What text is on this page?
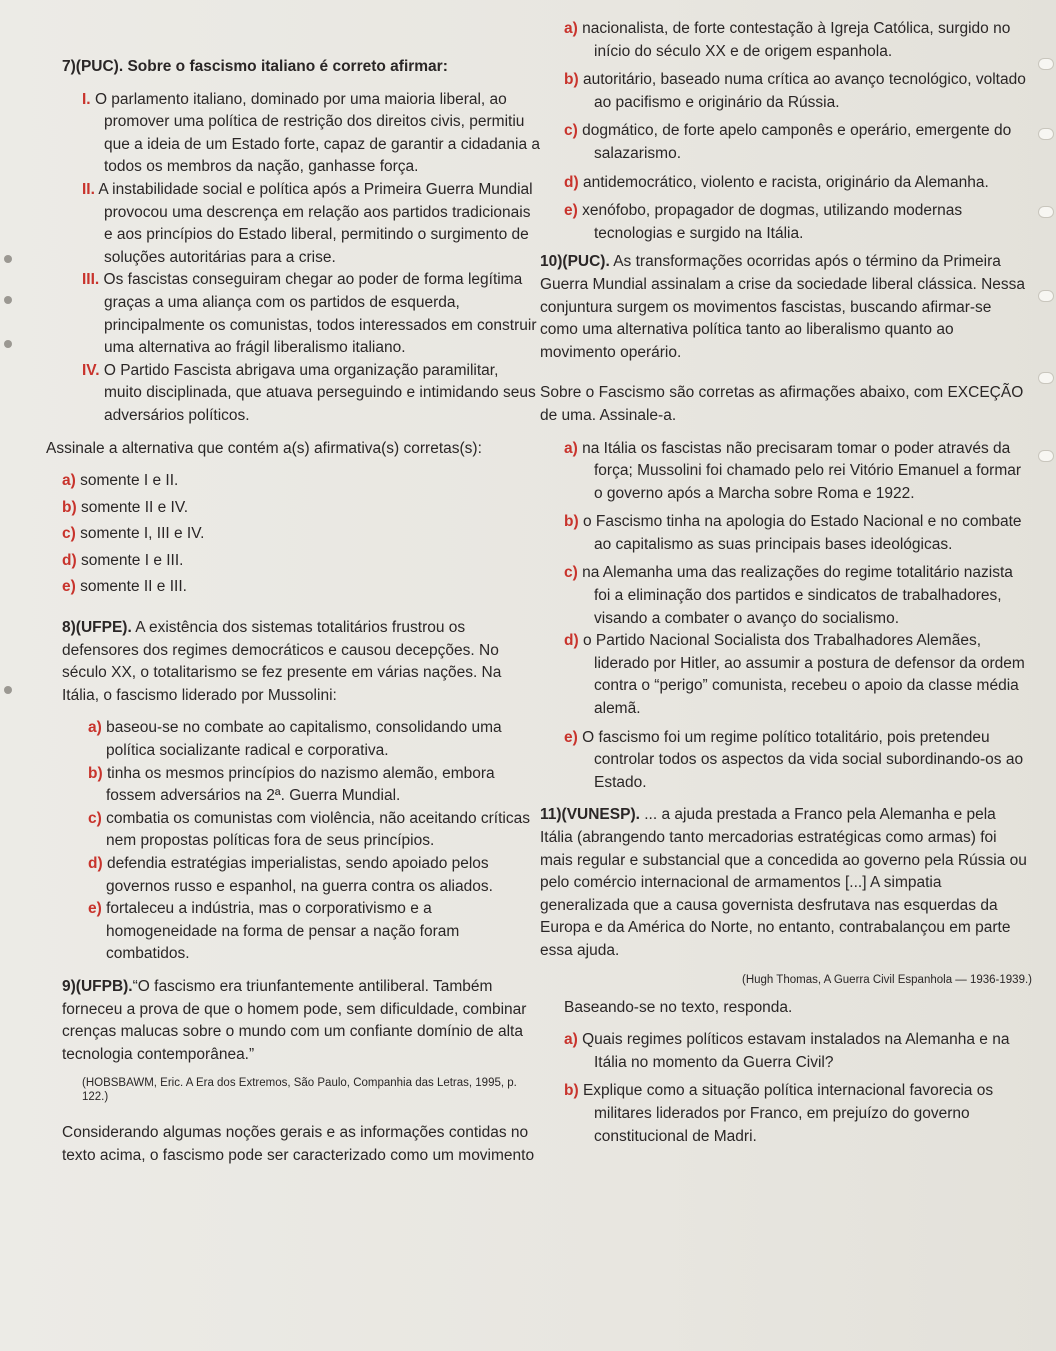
7)(PUC). Sobre o fascismo italiano é correto afirmar:

I. O parlamento italiano, dominado por uma maioria liberal, ao promover uma política de restrição dos direitos civis, permitiu que a ideia de um Estado forte, capaz de garantir a cidadania a todos os membros da nação, ganhasse força.

II. A instabilidade social e política após a Primeira Guerra Mundial provocou uma descrença em relação aos partidos tradicionais e aos princípios do Estado liberal, permitindo o surgimento de soluções autoritárias para a crise.

III. Os fascistas conseguiram chegar ao poder de forma legítima graças a uma aliança com os partidos de esquerda, principalmente os comunistas, todos interessados em construir uma alternativa ao frágil liberalismo italiano.

IV. O Partido Fascista abrigava uma organização paramilitar, muito disciplinada, que atuava perseguindo e intimidando seus adversários políticos.

Assinale a alternativa que contém a(s) afirmativa(s) corretas(s):

a) somente I e II.

b) somente II e IV.

c) somente I, III e IV.

d) somente I e III.

e) somente II e III.

8)(UFPE). A existência dos sistemas totalitários frustrou os defensores dos regimes democráticos e causou decepções. No século XX, o totalitarismo se fez presente em várias nações. Na Itália, o fascismo liderado por Mussolini:

a) baseou-se no combate ao capitalismo, consolidando uma política socializante radical e corporativa.

b) tinha os mesmos princípios do nazismo alemão, embora fossem adversários na 2ª. Guerra Mundial.

c) combatia os comunistas com violência, não aceitando críticas nem propostas políticas fora de seus princípios.

d) defendia estratégias imperialistas, sendo apoiado pelos governos russo e espanhol, na guerra contra os aliados.

e) fortaleceu a indústria, mas o corporativismo e a homogeneidade na forma de pensar a nação foram combatidos.

9)(UFPB).“O fascismo era triunfantemente antiliberal. Também forneceu a prova de que o homem pode, sem dificuldade, combinar crenças malucas sobre o mundo com um confiante domínio de alta tecnologia contemporânea.”

(HOBSBAWM, Eric. A Era dos Extremos, São Paulo, Companhia das Letras, 1995, p. 122.)

Considerando algumas noções gerais e as informações contidas no texto acima, o fascismo pode ser caracterizado como um movimento

a) nacionalista, de forte contestação à Igreja Católica, surgido no início do século XX e de origem espanhola.

b) autoritário, baseado numa crítica ao avanço tecnológico, voltado ao pacifismo e originário da Rússia.

c) dogmático, de forte apelo camponês e operário, emergente do salazarismo.

d) antidemocrático, violento e racista, originário da Alemanha.

e) xenófobo, propagador de dogmas, utilizando modernas tecnologias e surgido na Itália.

10)(PUC). As transformações ocorridas após o término da Primeira Guerra Mundial assinalam a crise da sociedade liberal clássica. Nessa conjuntura surgem os movimentos fascistas, buscando afirmar-se como uma alternativa política tanto ao liberalismo quanto ao movimento operário.

Sobre o Fascismo são corretas as afirmações abaixo, com EXCEÇÃO de uma. Assinale-a.

a) na Itália os fascistas não precisaram tomar o poder através da força; Mussolini foi chamado pelo rei Vitório Emanuel a formar o governo após a Marcha sobre Roma e 1922.

b) o Fascismo tinha na apologia do Estado Nacional e no combate ao capitalismo as suas principais bases ideológicas.

c) na Alemanha uma das realizações do regime totalitário nazista foi a eliminação dos partidos e sindicatos de trabalhadores, visando a combater o avanço do socialismo.

d) o Partido Nacional Socialista dos Trabalhadores Alemães, liderado por Hitler, ao assumir a postura de defensor da ordem contra o “perigo” comunista, recebeu o apoio da classe média alemã.

e) O fascismo foi um regime político totalitário, pois pretendeu controlar todos os aspectos da vida social subordinando-os ao Estado.

11)(VUNESP). ... a ajuda prestada a Franco pela Alemanha e pela Itália (abrangendo tanto mercadorias estratégicas como armas) foi mais regular e substancial que a concedida ao governo pela Rússia ou pelo comércio internacional de armamentos [...] A simpatia generalizada que a causa governista desfrutava nas esquerdas da Europa e da América do Norte, no entanto, contrabalançou em parte essa ajuda.

(Hugh Thomas, A Guerra Civil Espanhola — 1936-1939.)

Baseando-se no texto, responda.

a) Quais regimes políticos estavam instalados na Alemanha e na Itália no momento da Guerra Civil?

b) Explique como a situação política internacional favorecia os militares liderados por Franco, em prejuízo do governo constitucional de Madri.
